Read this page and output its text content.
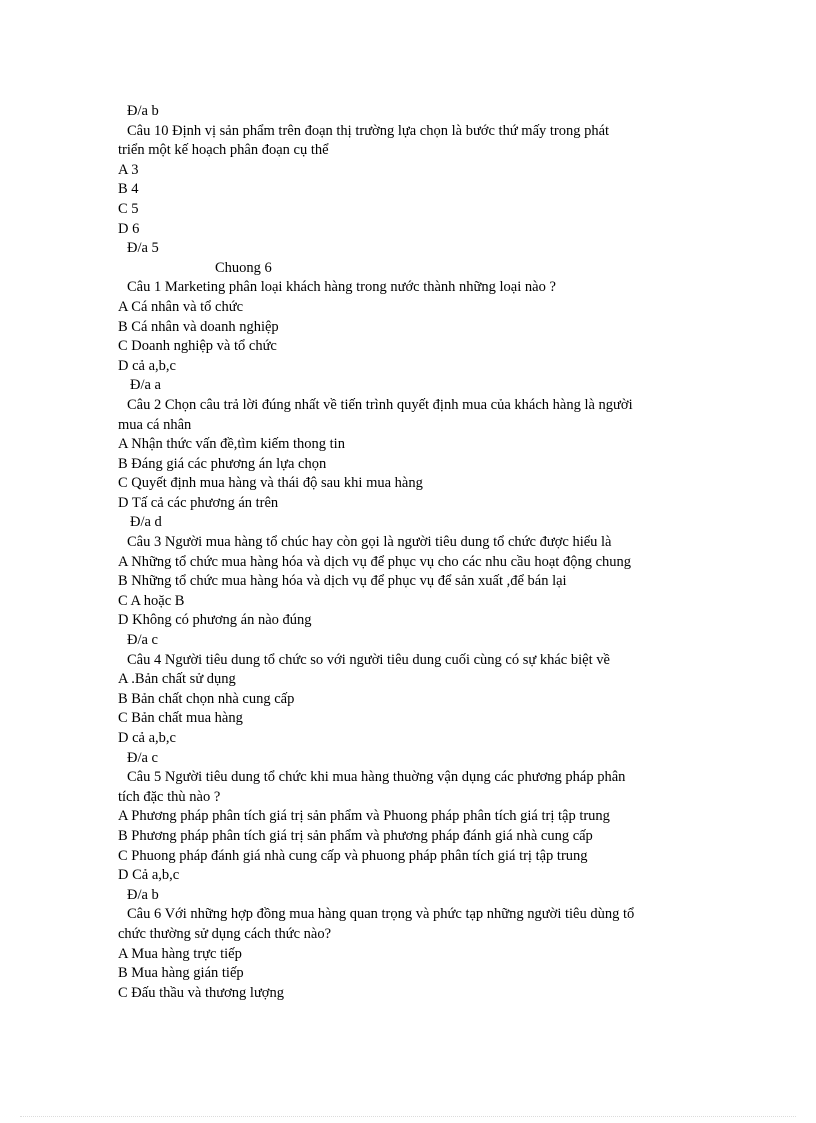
Đ/a b
Câu 10 Định vị sản phẩm trên đoạn thị trường lựa chọn là bước thứ mấy trong phát
triển một kế hoạch phân đoạn cụ thể
A 3
B 4
C 5
D 6
Đ/a 5
Chuong 6
Câu 1 Marketing phân loại khách hàng trong nước thành những loại nào ?
A Cá nhân và tổ chức
B Cá nhân và doanh nghiệp
C Doanh nghiệp và tổ chức
D cả a,b,c
Đ/a a
Câu 2 Chọn câu trả lời đúng nhất về tiến trình quyết định mua của khách hàng là người
mua cá nhân
A Nhận thức vấn đề,tìm kiếm thong tin
B Đáng giá các phương án lựa chọn
C Quyết định mua hàng và thái độ sau khi mua hàng
D Tấ cả các phương án trên
Đ/a d
Câu 3 Người mua hàng tổ chúc hay còn gọi là người tiêu dung tổ chức được hiểu là
A Những tổ chức mua hàng hóa và dịch vụ để phục vụ cho các nhu cầu hoạt động chung
B Những tổ chức mua hàng hóa và dịch vụ để phục vụ để sản xuất ,để bán lại
C A hoặc B
D Không có phương án nào đúng
Đ/a c
Câu 4 Người tiêu dung tổ chức so với người tiêu dung cuối cùng có sự khác biệt về
A .Bản chất sử dụng
B Bản chất chọn nhà cung cấp
C Bản chất mua hàng
D cả a,b,c
Đ/a c
Câu 5 Người tiêu dung tổ chức khi mua hàng thuờng vận dụng các phương pháp phân
tích đặc thù nào ?
A Phương pháp phân tích giá trị sản phẩm và Phuong pháp phân tích giá trị tập trung
B Phương pháp phân tích giá trị sản phẩm và phương pháp đánh giá nhà cung cấp
C Phuong pháp đánh giá nhà cung cấp và phuong pháp phân tích giá trị tập trung
D Cả a,b,c
Đ/a b
Câu 6 Với những hợp đồng mua hàng quan trọng và phức tạp những người tiêu dùng tổ
chức thường sử dụng cách thức nào?
A Mua hàng trực tiếp
B Mua hàng gián tiếp
C Đấu thầu và thương lượng
